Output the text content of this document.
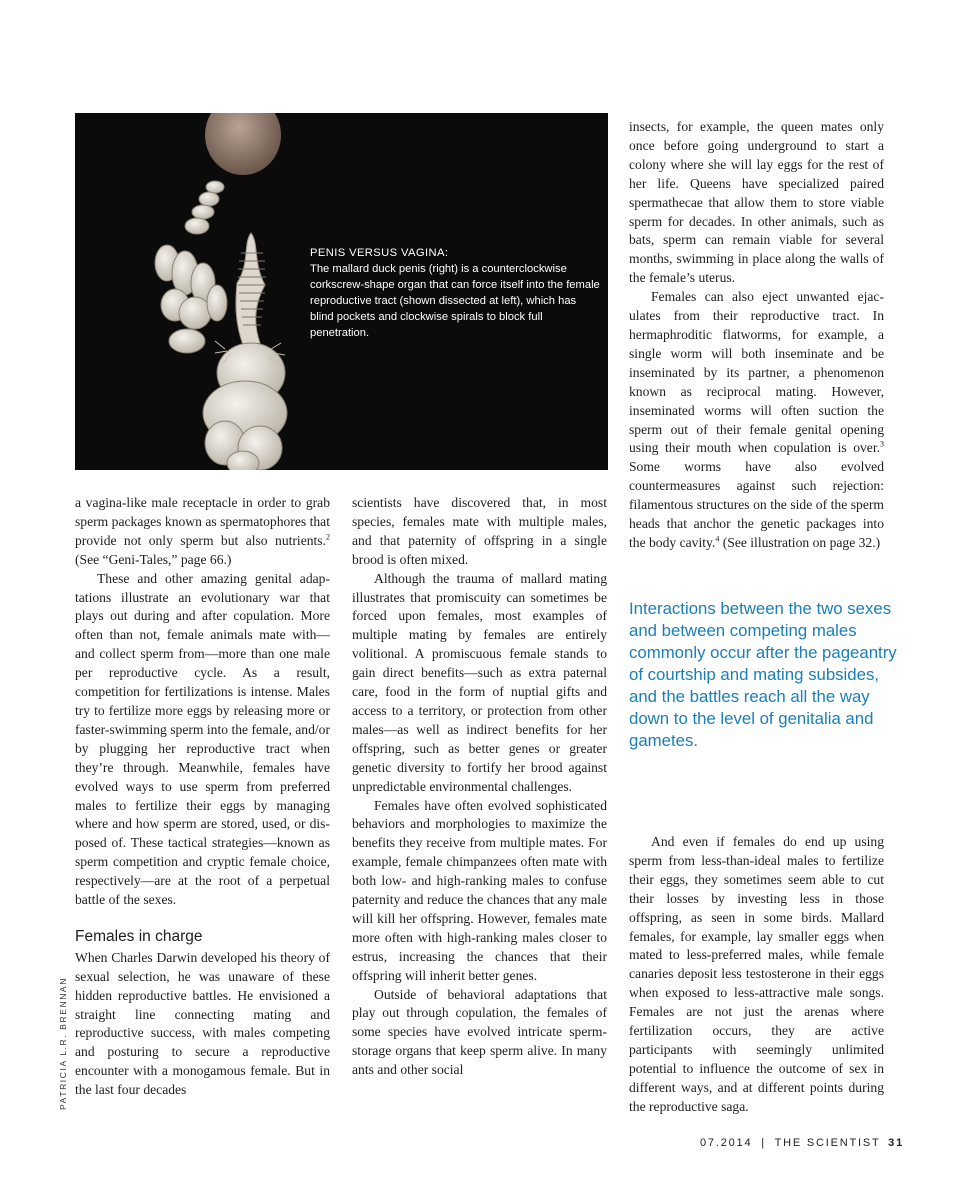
PENIS VERSUS VAGINA:
The mallard duck penis (right) is a counterclockwise corkscrew-shape organ that can force itself into the female reproductive tract (shown dissected at left), which has blind pockets and clockwise spirals to block full penetration.

a vagina-like male receptacle in order to grab sperm packages known as spermatophores that provide not only sperm but also nutrients.$^2$ (See “Geni-Tales,” page 66.)

These and other amazing genital adaptations illustrate an evolutionary war that plays out during and after copulation. More often than not, female animals mate with—and collect sperm from—more than one male per reproductive cycle. As a result, competition for fertilizations is intense. Males try to fertilize more eggs by releasing more or faster-swimming sperm into the female, and/or by plugging her reproductive tract when they’re through. Meanwhile, females have evolved ways to use sperm from preferred males to fertilize their eggs by managing where and how sperm are stored, used, or disposed of. These tactical strategies—known as sperm competition and cryptic female choice, respectively—are at the root of a perpetual battle of the sexes.

Females in charge

When Charles Darwin developed his theory of sexual selection, he was unaware of these hidden reproductive battles. He envisioned a straight line connecting mating and reproductive success, with males competing and posturing to secure a reproductive encounter with a monogamous female. But in the last four decades

scientists have discovered that, in most species, females mate with multiple males, and that paternity of offspring in a single brood is often mixed.

Although the trauma of mallard mating illustrates that promiscuity can sometimes be forced upon females, most examples of multiple mating by females are entirely volitional. A promiscuous female stands to gain direct benefits—such as extra paternal care, food in the form of nuptial gifts and access to a territory, or protection from other males—as well as indirect benefits for her offspring, such as better genes or greater genetic diversity to fortify her brood against unpredictable environmental challenges.

Females have often evolved sophisticated behaviors and morphologies to maximize the benefits they receive from multiple mates. For example, female chimpanzees often mate with both low- and high-ranking males to confuse paternity and reduce the chances that any male will kill her offspring. However, females mate more often with high-ranking males closer to estrus, increasing the chances that their offspring will inherit better genes.

Outside of behavioral adaptations that play out through copulation, the females of some species have evolved intricate sperm-storage organs that keep sperm alive. In many ants and other social

insects, for example, the queen mates only once before going underground to start a colony where she will lay eggs for the rest of her life. Queens have specialized paired spermathecae that allow them to store viable sperm for decades. In other animals, such as bats, sperm can remain viable for several months, swimming in place along the walls of the female’s uterus.

Females can also eject unwanted ejaculates from their reproductive tract. In hermaphroditic flatworms, for example, a single worm will both inseminate and be inseminated by its partner, a phenomenon known as reciprocal mating. However, inseminated worms will often suction the sperm out of their female genital opening using their mouth when copulation is over.$^3$ Some worms have also evolved countermeasures against such rejection: filamentous structures on the side of the sperm heads that anchor the genetic packages into the body cavity.$^4$ (See illustration on page 32.)

Interactions between the two sexes and between competing males commonly occur after the pageantry of courtship and mating subsides, and the battles reach all the way down to the level of genitalia and gametes.

And even if females do end up using sperm from less-than-ideal males to fertilize their eggs, they sometimes seem able to cut their losses by investing less in those offspring, as seen in some birds. Mallard females, for example, lay smaller eggs when mated to less-preferred males, while female canaries deposit less testosterone in their eggs when exposed to less-attractive male songs. Females are not just the arenas where fertilization occurs, they are active participants with seemingly unlimited potential to influence the outcome of sex in different ways, and at different points during the reproductive saga.

PATRICIA L.R. BRENNAN
07.2014 | THE SCIENTIST 31
